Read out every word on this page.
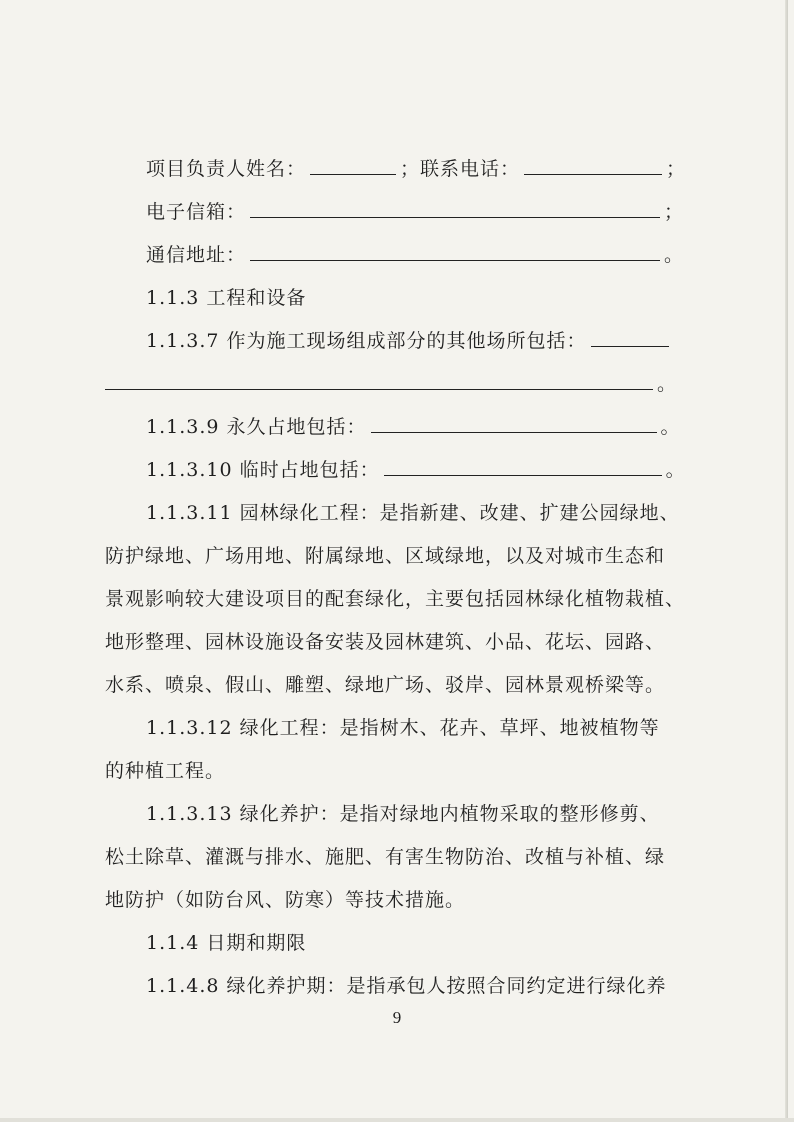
项目负责人姓名：	；联系电话：	；
电子信箱：	；
通信地址：	。
1.1.3 工程和设备
1.1.3.7 作为施工现场组成部分的其他场所包括：
。
1.1.3.9 永久占地包括：	。
1.1.3.10 临时占地包括：	。
1.1.3.11 园林绿化工程：是指新建、改建、扩建公园绿地、
防护绿地、广场用地、附属绿地、区域绿地，以及对城市生态和
景观影响较大建设项目的配套绿化，主要包括园林绿化植物栽植、
地形整理、园林设施设备安装及园林建筑、小品、花坛、园路、
水系、喷泉、假山、雕塑、绿地广场、驳岸、园林景观桥梁等。
1.1.3.12 绿化工程：是指树木、花卉、草坪、地被植物等
的种植工程。
1.1.3.13 绿化养护：是指对绿地内植物采取的整形修剪、
松土除草、灌溉与排水、施肥、有害生物防治、改植与补植、绿
地防护（如防台风、防寒）等技术措施。
1.1.4 日期和期限
1.1.4.8 绿化养护期：是指承包人按照合同约定进行绿化养
9
